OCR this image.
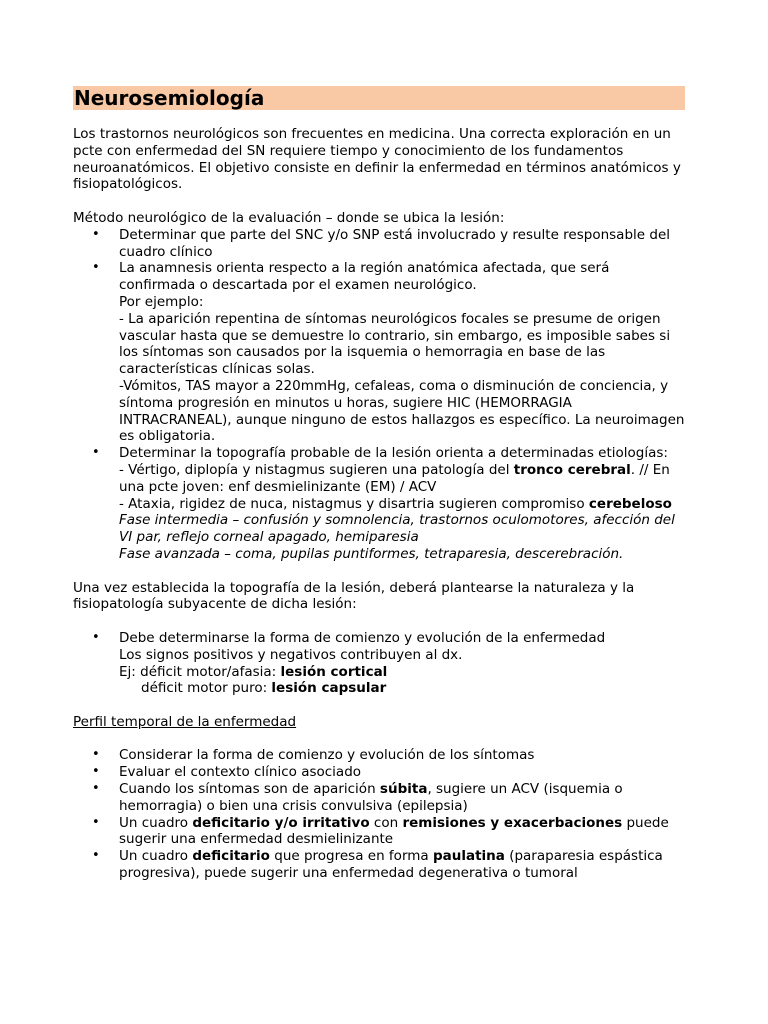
Neurosemiología

Los trastornos neurológicos son frecuentes en medicina. Una correcta exploración en un pcte con enfermedad del SN requiere tiempo y conocimiento de los fundamentos neuroanatómicos. El objetivo consiste en definir la enfermedad en términos anatómicos y fisiopatológicos.

Método neurológico de la evaluación – donde se ubica la lesión:

• Determinar que parte del SNC y/o SNP está involucrado y resulte responsable del cuadro clínico
• La anamnesis orienta respecto a la región anatómica afectada, que será confirmada o descartada por el examen neurológico.
Por ejemplo:
- La aparición repentina de síntomas neurológicos focales se presume de origen vascular hasta que se demuestre lo contrario, sin embargo, es imposible sabes si los síntomas son causados por la isquemia o hemorragia en base de las características clínicas solas.
-Vómitos, TAS mayor a 220mmHg, cefaleas, coma o disminución de conciencia, y síntoma progresión en minutos u horas, sugiere HIC (HEMORRAGIA INTRACRANEAL), aunque ninguno de estos hallazgos es específico. La neuroimagen es obligatoria.
• Determinar la topografía probable de la lesión orienta a determinadas etiologías:
- Vértigo, diplopía y nistagmus sugieren una patología del tronco cerebral. // En una pcte joven: enf desmielinizante (EM) / ACV
- Ataxia, rigidez de nuca, nistagmus y disartria sugieren compromiso cerebeloso
Fase intermedia – confusión y somnolencia, trastornos oculomotores, afección del VI par, reflejo corneal apagado, hemiparesia
Fase avanzada – coma, pupilas puntiformes, tetraparesia, descerebración.

Una vez establecida la topografía de la lesión, deberá plantearse la naturaleza y la fisiopatología subyacente de dicha lesión:

• Debe determinarse la forma de comienzo y evolución de la enfermedad
Los signos positivos y negativos contribuyen al dx.
Ej: déficit motor/afasia: lesión cortical
déficit motor puro: lesión capsular

Perfil temporal de la enfermedad

• Considerar la forma de comienzo y evolución de los síntomas
• Evaluar el contexto clínico asociado
• Cuando los síntomas son de aparición súbita, sugiere un ACV (isquemia o hemorragia) o bien una crisis convulsiva (epilepsia)
• Un cuadro deficitario y/o irritativo con remisiones y exacerbaciones puede sugerir una enfermedad desmielinizante
• Un cuadro deficitario que progresa en forma paulatina (paraparesia espástica progresiva), puede sugerir una enfermedad degenerativa o tumoral
